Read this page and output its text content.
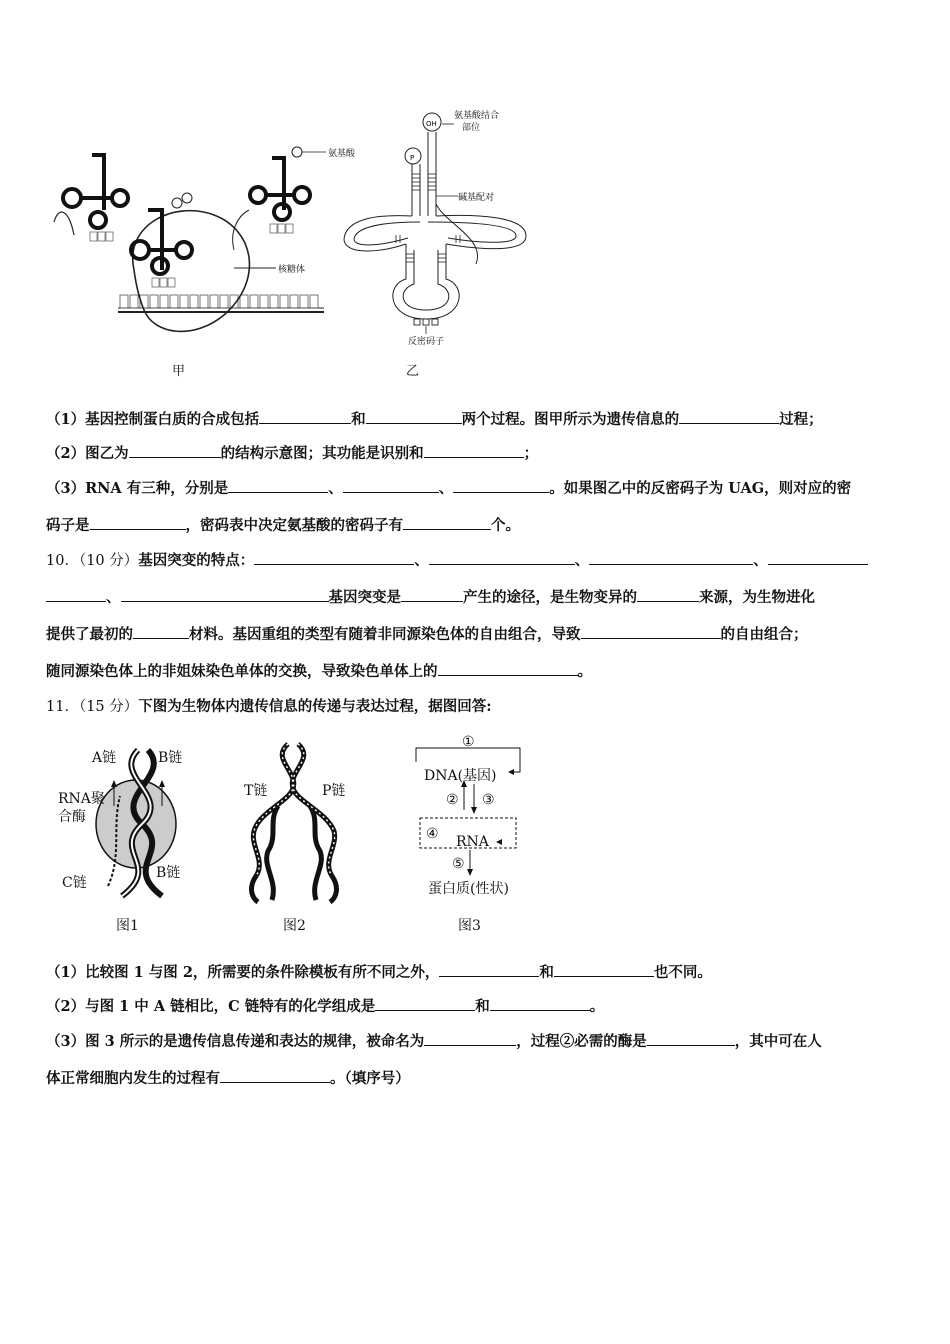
核糖体
氨基酸
甲
OH
P
氨基酸结合
部位
碱基配对
反密码子
乙
（1）基因控制蛋白质的合成包括	和	两个过程。图甲所示为遗传信息的	过程；
（2）图乙为	的结构示意图；其功能是识别和	；
（3）RNA 有三种，分别是	、	、	。如果图乙中的反密码子为 UAG，则对应的密
码子是	，密码表中决定氨基酸的密码子有	个。
10．（10 分）基因突变的特点：	、	、	、
、	基因突变是	产生的途径，是生物变异的	来源，为生物进化
提供了最初的	材料。基因重组的类型有随着非同源染色体的自由组合，导致	的自由组合；
随同源染色体上的非姐妹染色单体的交换，导致染色单体上的	。
11．（15 分）下图为生物体内遗传信息的传递与表达过程，据图回答:
A链	B链
RNA聚
合酶
C链
B链
图1
T链	P链
图2
①
DNA(基因)
② ③
④ RNA
⑤
蛋白质(性状)
图3
（1）比较图 1 与图 2，所需要的条件除模板有所不同之外，	和	也不同。
（2）与图 1 中 A 链相比，C 链特有的化学组成是	和	。
（3）图 3 所示的是遗传信息传递和表达的规律，被命名为	，过程②必需的酶是	，其中可在人
体正常细胞内发生的过程有	。（填序号）
